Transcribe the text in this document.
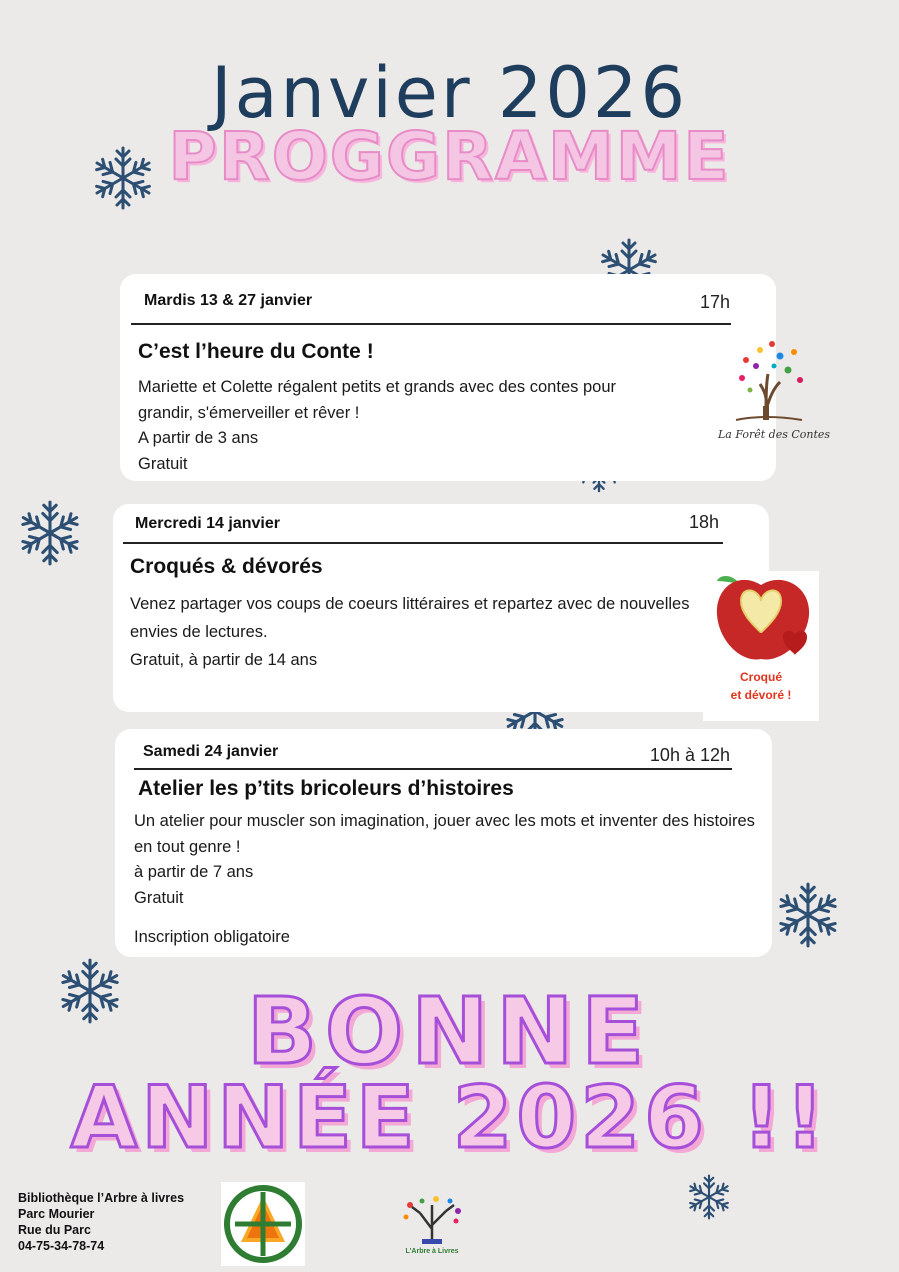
Janvier 2026
PROGGRAMME
Mardis 13 & 27 janvier	17h
C’est l’heure du Conte !

Mariette et Colette régalent petits et grands avec des contes pour grandir, s'émerveiller et rêver !

A partir de 3 ans

Gratuit

La Forêt des Contes
Mercredi 14 janvier	18h
Croqués & dévorés

Venez partager vos coups de coeurs littéraires et repartez avec de nouvelles envies de lectures.

Croqué
et dévoré !

Gratuit, à partir de 14 ans

Samedi 24 janvier	10h à 12h
Atelier les p’tits bricoleurs d’histoires

Un atelier pour muscler son imagination, jouer avec les mots et inventer des histoires en tout genre !

à partir de 7 ans

Gratuit

Inscription obligatoire

BONNE
ANNÉE 2026 !!
Bibliothèque l’Arbre à livres
Parc Mourier
Rue du Parc
04-75-34-78-74	L'Arbre à Livres
